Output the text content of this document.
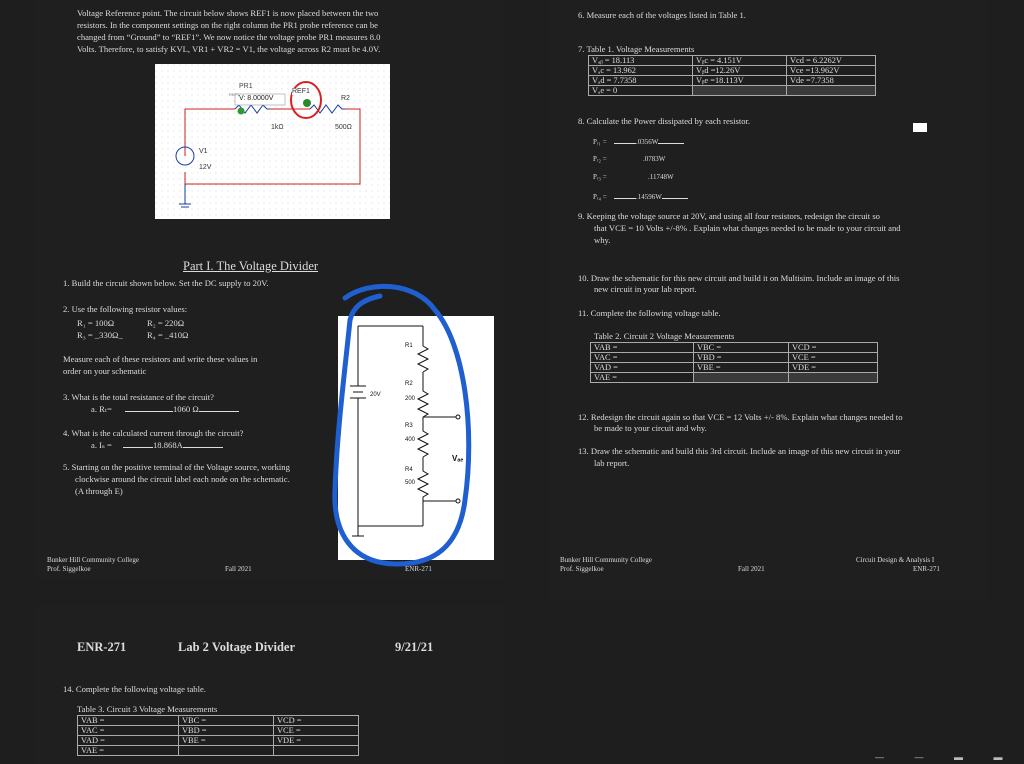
Voltage Reference point. The circuit below shows REF1 is now placed between the two
resistors. In the component settings on the right column the PR1 probe reference can be
changed from “Ground” to “REF1”. We now notice the voltage probe PR1 measures 8.0
Volts. Therefore, to satisfy KVL, VR1 + VR2 = V1, the voltage across R2 must be 4.0V.
PR1
REF1
V: 8.0000V
REF1
R2
1kΩ	500Ω
V1
12V
Part I. The Voltage Divider
1. Build the circuit shown below. Set the DC supply to 20V.
2. Use the following resistor values:
R₁ = 100Ω	R₂ = 220Ω
R₃ = _330Ω_	R₄ = _410Ω
Measure each of these resistors and write these values in
order on your schematic
3. What is the total resistance of the circuit?
a. Rₜ=	1060 Ω
4. What is the calculated current through the circuit?
a. Iₛ =	18.868A
5. Starting on the positive terminal of the Voltage source, working
clockwise around the circuit label each node on the schematic.
(A through E)
R1
20V
R2
200
R3
400
R4
500
Vₐₑ
Bunker Hill Community College
Prof. Siggelkoe	Fall 2021	ENR-271
6. Measure each of the voltages listed in Table 1.
7. Table 1. Voltage Measurements
Vₐᵦ = 18.113	Vᵦc = 4.151V	Vcd = 6.2262V
Vₐc = 13.962	Vᵦd =12.26V	Vce =13.962V
Vₐd = 7.7358	Vᵦe =18.113V	Vde =7.7358
Vₐe = 0		
8. Calculate the Power dissipated by each resistor.
Pᵣ₁ =	.0356W
Pᵣ₂ =	.0783W
Pᵣ₃ =	.11748W
Pᵣ₄ =	.14596W
9. Keeping the voltage source at 20V, and using all four resistors, redesign the circuit so
that VCE = 10 Volts +/-8% . Explain what changes needed to be made to your circuit and
why.
10. Draw the schematic for this new circuit and build it on Multisim. Include an image of this
new circuit in your lab report.
11. Complete the following voltage table.
Table 2. Circuit 2 Voltage Measurements
VAB =	VBC =	VCD =
VAC =	VBD =	VCE =
VAD =	VBE =	VDE =
VAE =		
12. Redesign the circuit again so that VCE = 12 Volts +/- 8%. Explain what changes needed to
be made to your circuit and why.
13. Draw the schematic and build this 3rd circuit. Include an image of this new circuit in your
lab report.
Bunker Hill Community College
Prof. Siggelkoe	Fall 2021
Circuit Design & Analysis I
ENR-271
ENR-271	Lab 2 Voltage Divider	9/21/21
14. Complete the following voltage table.
Table 3. Circuit 3 Voltage Measurements
VAB =	VBC =	VCD =
VAC =	VBD =	VCE =
VAD =	VBE =	VDE =
VAE =		
— — ▬ ▬
